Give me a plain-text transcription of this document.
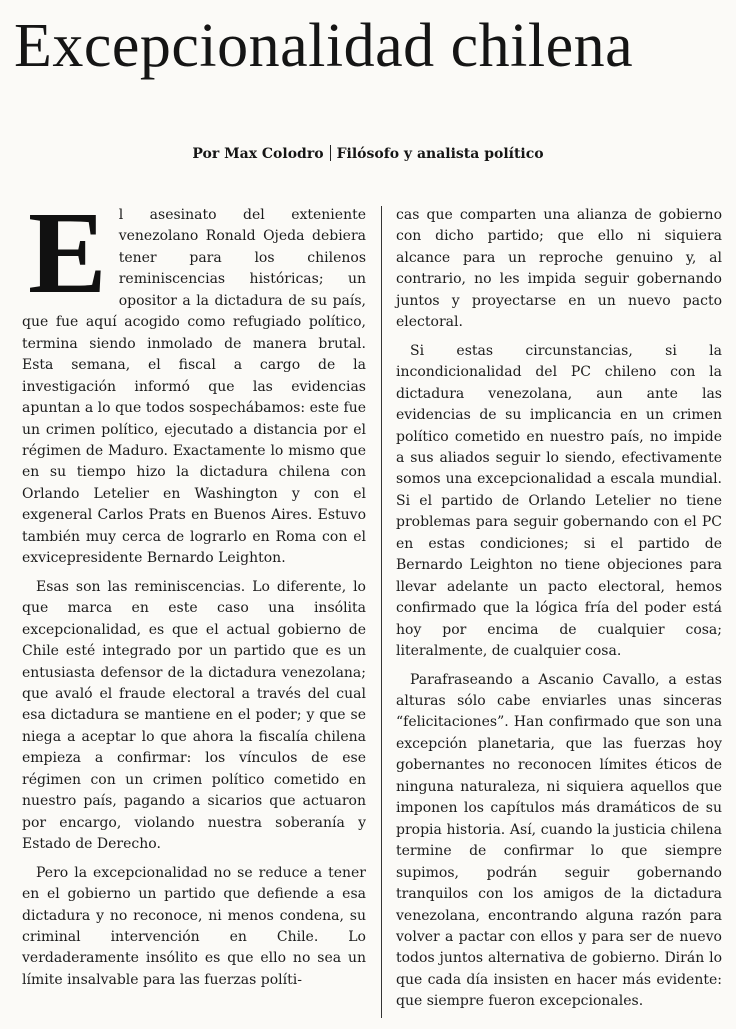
Excepcionalidad chilena
Por Max Colodro Filósofo y analista político

El asesinato del exteniente venezolano Ronald Ojeda debiera tener para los chilenos reminiscencias históricas; un opositor a la dictadura de su país, que fue aquí acogido como refugiado político, termina siendo inmolado de manera brutal. Esta semana, el fiscal a cargo de la investigación informó que las evidencias apuntan a lo que todos sospechábamos: este fue un crimen político, ejecutado a distancia por el régimen de Maduro. Exactamente lo mismo que en su tiempo hizo la dictadura chilena con Orlando Letelier en Washington y con el exgeneral Carlos Prats en Buenos Aires. Estuvo también muy cerca de lograrlo en Roma con el exvicepresidente Bernardo Leighton.

Esas son las reminiscencias. Lo diferente, lo que marca en este caso una insólita excepcionalidad, es que el actual gobierno de Chile esté integrado por un partido que es un entusiasta defensor de la dictadura venezolana; que avaló el fraude electoral a través del cual esa dictadura se mantiene en el poder; y que se niega a aceptar lo que ahora la fiscalía chilena empieza a confirmar: los vínculos de ese régimen con un crimen político cometido en nuestro país, pagando a sicarios que actuaron por encargo, violando nuestra soberanía y Estado de Derecho.

Pero la excepcionalidad no se reduce a tener en el gobierno un partido que defiende a esa dictadura y no reconoce, ni menos condena, su criminal intervención en Chile. Lo verdaderamente insólito es que ello no sea un límite insalvable para las fuerzas políti-

cas que comparten una alianza de gobierno con dicho partido; que ello ni siquiera alcance para un reproche genuino y, al contrario, no les impida seguir gobernando juntos y proyectarse en un nuevo pacto electoral.

Si estas circunstancias, si la incondicionalidad del PC chileno con la dictadura venezolana, aun ante las evidencias de su implicancia en un crimen político cometido en nuestro país, no impide a sus aliados seguir lo siendo, efectivamente somos una excepcionalidad a escala mundial. Si el partido de Orlando Letelier no tiene problemas para seguir gobernando con el PC en estas condiciones; si el partido de Bernardo Leighton no tiene objeciones para llevar adelante un pacto electoral, hemos confirmado que la lógica fría del poder está hoy por encima de cualquier cosa; literalmente, de cualquier cosa.

Parafraseando a Ascanio Cavallo, a estas alturas sólo cabe enviarles unas sinceras “felicitaciones”. Han confirmado que son una excepción planetaria, que las fuerzas hoy gobernantes no reconocen límites éticos de ninguna naturaleza, ni siquiera aquellos que imponen los capítulos más dramáticos de su propia historia. Así, cuando la justicia chilena termine de confirmar lo que siempre supimos, podrán seguir gobernando tranquilos con los amigos de la dictadura venezolana, encontrando alguna razón para volver a pactar con ellos y para ser de nuevo todos juntos alternativa de gobierno. Dirán lo que cada día insisten en hacer más evidente: que siempre fueron excepcionales.
